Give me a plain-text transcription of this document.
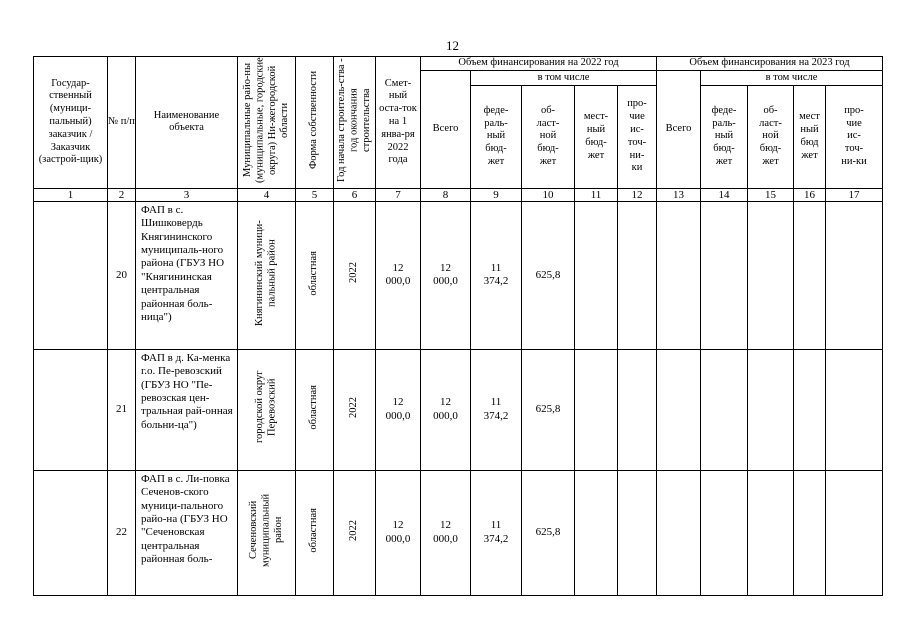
12
Государ-ственный (муници-пальный) заказчик / Заказчик (застрой-щик)	№ п/п	Наименование объекта	Муниципальные райо-ны (муниципальные, городские округа) Ни-жегородской области	Форма собственности	Год начала строитель-ства - год окончания строительства	Смет-ный оста-ток на 1 янва-ря 2022 года	Объем финансирования на 2022 год					Объем финансирования на 2023 год				
							Всего	в том числе				Всего	в том числе			
								феде-раль-ный бюд-жет	об-ласт-ной бюд-жет	мест-ный бюд-жет	про-чие ис-точ-ни-ки		феде-раль-ный бюд-жет	об-ласт-ной бюд-жет	мест ный бюд жет	про-чие ис-точ-ни-ки
1	2	3	4	5	6	7	8	9	10	11	12	13	14	15	16	17
	20	ФАП в с. Шишковердь Княгининского муниципаль-ного района (ГБУЗ НО "Княгининская центральная районная боль-ница")	Княгининский муници-пальный район	областная	2022	12 000,0	12 000,0	11 374,2	625,8							
	21	ФАП в д. Ка-менка г.о. Пе-ревозский (ГБУЗ НО "Пе-ревозская цен-тральная рай-онная больни-ца")	городской округ Перевозский	областная	2022	12 000,0	12 000,0	11 374,2	625,8							
	22	ФАП в с. Ли-повка Сеченов-ского муници-пального райо-на (ГБУЗ НО "Сеченовская центральная районная боль-	Сеченовский муниципальный район	областная	2022	12 000,0	12 000,0	11 374,2	625,8							
